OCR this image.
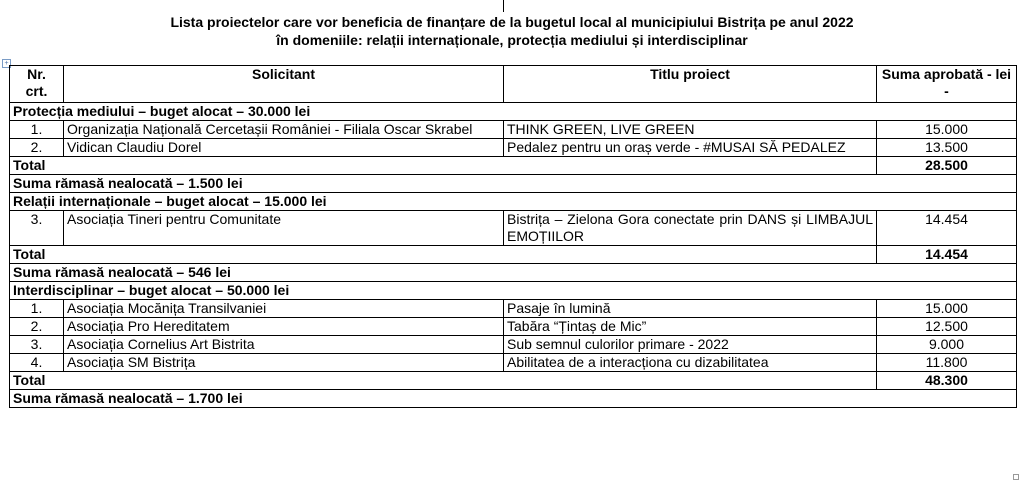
Lista proiectelor care vor beneficia de finanțare de la bugetul local al municipiului Bistrița pe anul 2022
în domeniile: relații internaționale, protecția mediului și interdisciplinar
+
Nr. crt.	Solicitant	Titlu proiect	Suma aprobată - lei -

Protecția mediului – buget alocat – 30.000 lei			
1.	Organizația Națională Cercetașii României - Filiala Oscar Skrabel	THINK GREEN, LIVE GREEN	15.000
2.	Vidican Claudiu Dorel	Pedalez pentru un oraș verde - #MUSAI SĂ PEDALEZ	13.500
Total			28.500
Suma rămasă nealocată – 1.500 lei			
Relații internaționale – buget alocat – 15.000 lei			
3.	Asociația Tineri pentru Comunitate	Bistrița – Zielona Gora conectate prin DANS și LIMBAJUL EMOȚIILOR	14.454
Total			14.454
Suma rămasă nealocată – 546 lei			
Interdisciplinar – buget alocat – 50.000 lei			
1.	Asociația Mocănița Transilvaniei	Pasaje în lumină	15.000
2.	Asociația Pro Hereditatem	Tabăra “Țintaș de Mic”	12.500
3.	Asociația Cornelius Art Bistrita	Sub semnul culorilor primare - 2022	9.000
4.	Asociația SM Bistrița	Abilitatea de a interacționa cu dizabilitatea	11.800
Total			48.300
Suma rămasă nealocată – 1.700 lei			
